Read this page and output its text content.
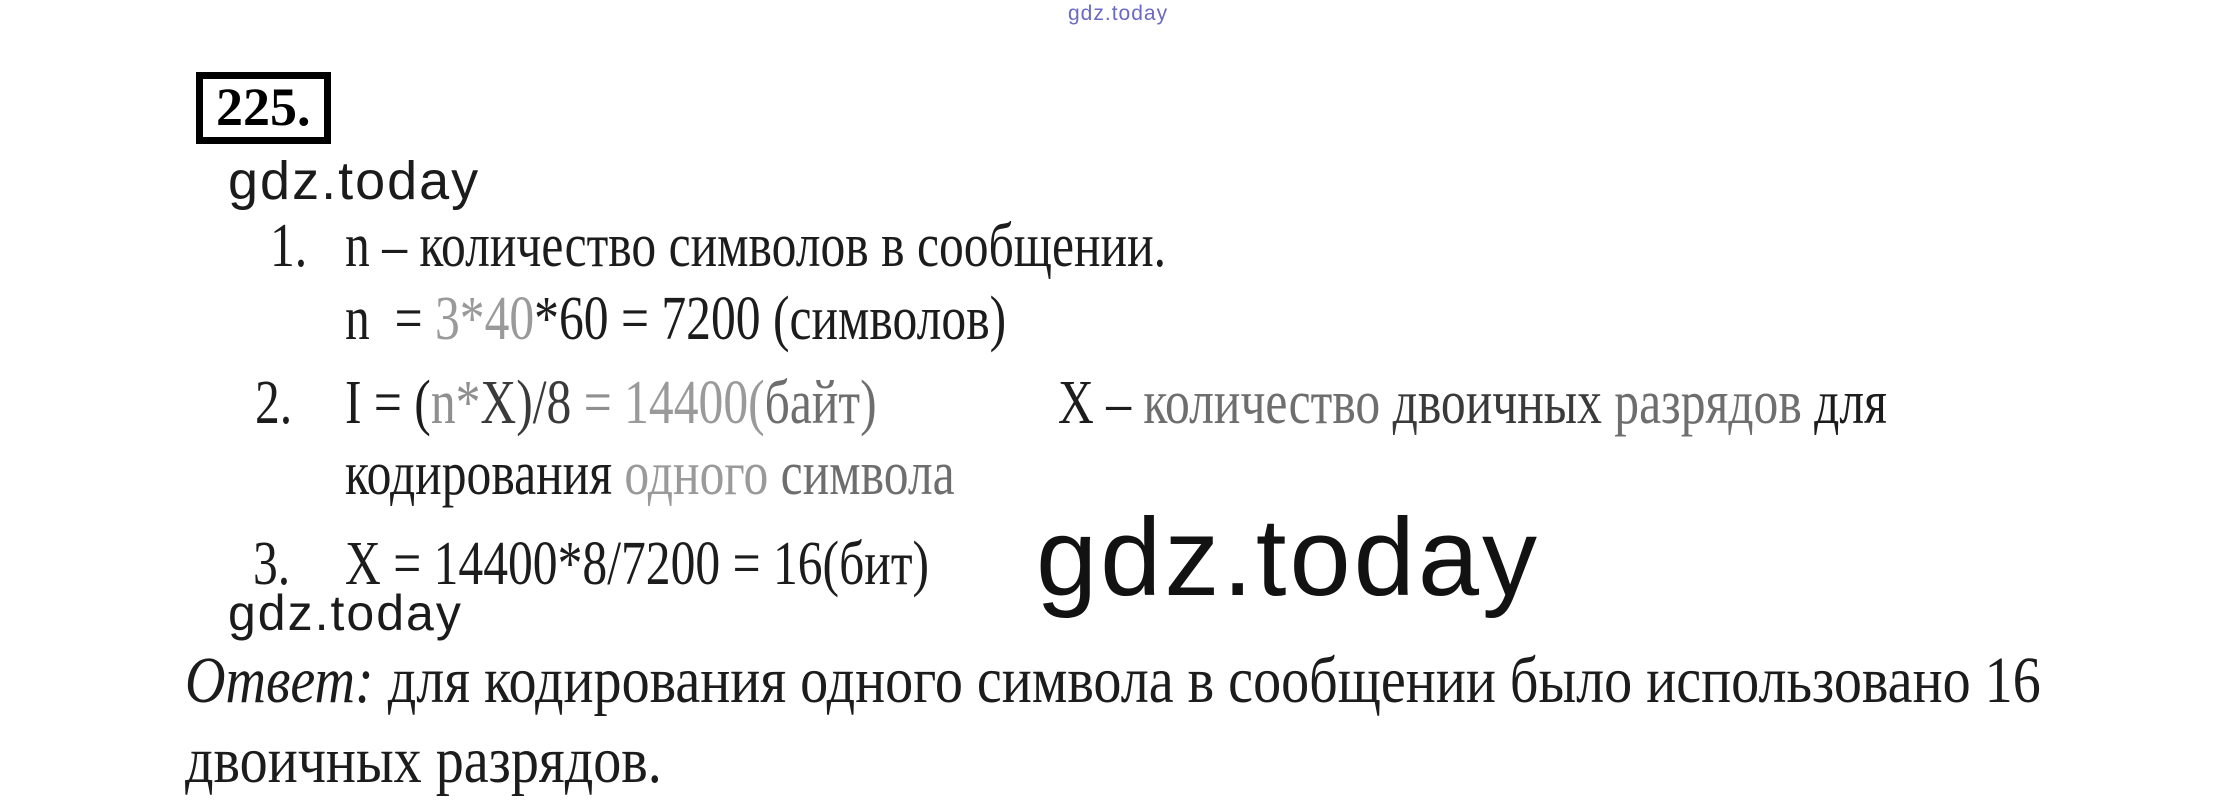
gdz.today
225.
gdz.today
1. n – количество символов в сообщении.
n  = 3*40*60 = 7200 (символов)
2. I = (n*X)/8 = 14400(байт)	X – количество двоичных разрядов для
кодирования одного символа
3. X = 14400*8/7200 = 16(бит) gdz.today
gdz.today
Ответ: для кодирования одного символа в сообщении было использовано 16
двоичных разрядов.
